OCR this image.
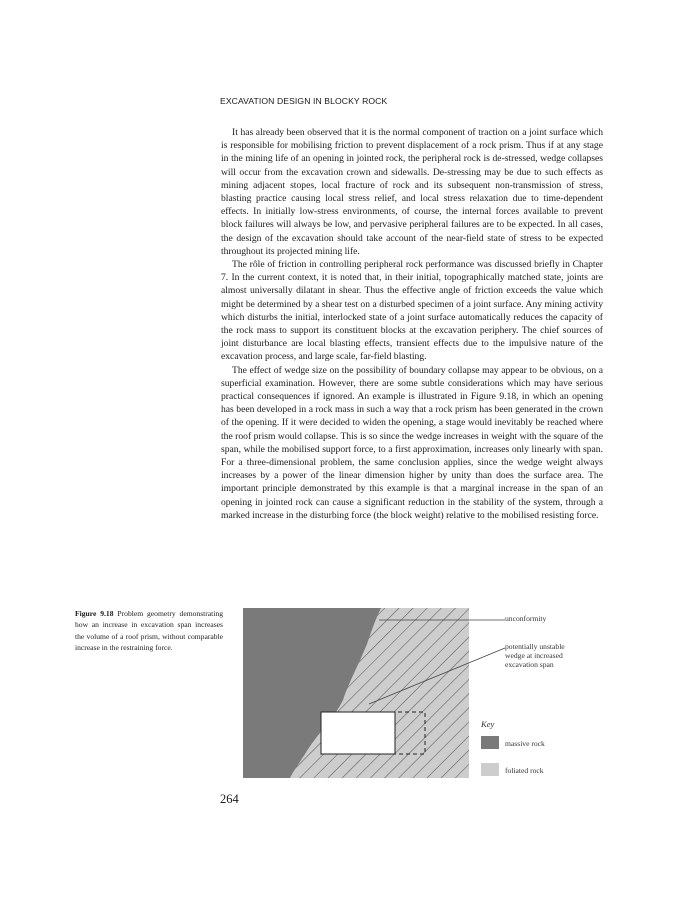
EXCAVATION DESIGN IN BLOCKY ROCK

It has already been observed that it is the normal component of traction on a joint surface which is responsible for mobilising friction to prevent displacement of a rock prism. Thus if at any stage in the mining life of an opening in jointed rock, the peripheral rock is de-stressed, wedge collapses will occur from the excavation crown and sidewalls. De-stressing may be due to such effects as mining adjacent stopes, local fracture of rock and its subsequent non-transmission of stress, blasting practice causing local stress relief, and local stress relaxation due to time-dependent effects. In initially low-stress environments, of course, the internal forces available to prevent block failures will always be low, and pervasive peripheral failures are to be expected. In all cases, the design of the excavation should take account of the near-field state of stress to be expected throughout its projected mining life.

The rôle of friction in controlling peripheral rock performance was discussed briefly in Chapter 7. In the current context, it is noted that, in their initial, topographically matched state, joints are almost universally dilatant in shear. Thus the effective angle of friction exceeds the value which might be determined by a shear test on a disturbed specimen of a joint surface. Any mining activity which disturbs the initial, interlocked state of a joint surface automatically reduces the capacity of the rock mass to support its constituent blocks at the excavation periphery. The chief sources of joint disturbance are local blasting effects, transient effects due to the impulsive nature of the excavation process, and large scale, far-field blasting.

The effect of wedge size on the possibility of boundary collapse may appear to be obvious, on a superficial examination. However, there are some subtle considerations which may have serious practical consequences if ignored. An example is illustrated in Figure 9.18, in which an opening has been developed in a rock mass in such a way that a rock prism has been generated in the crown of the opening. If it were decided to widen the opening, a stage would inevitably be reached where the roof prism would collapse. This is so since the wedge increases in weight with the square of the span, while the mobilised support force, to a first approximation, increases only linearly with span. For a three-dimensional problem, the same conclusion applies, since the wedge weight always increases by a power of the linear dimension higher by unity than does the surface area. The important principle demonstrated by this example is that a marginal increase in the span of an opening in jointed rock can cause a significant reduction in the stability of the system, through a marked increase in the disturbing force (the block weight) relative to the mobilised resisting force.

Figure 9.18 Problem geometry demonstrating how an increase in excavation span increases the volume of a roof prism, without comparable increase in the restraining force.
unconformity
potentially unstable
wedge at increased
excavation span
Key
massive rock
foliated rock
264
